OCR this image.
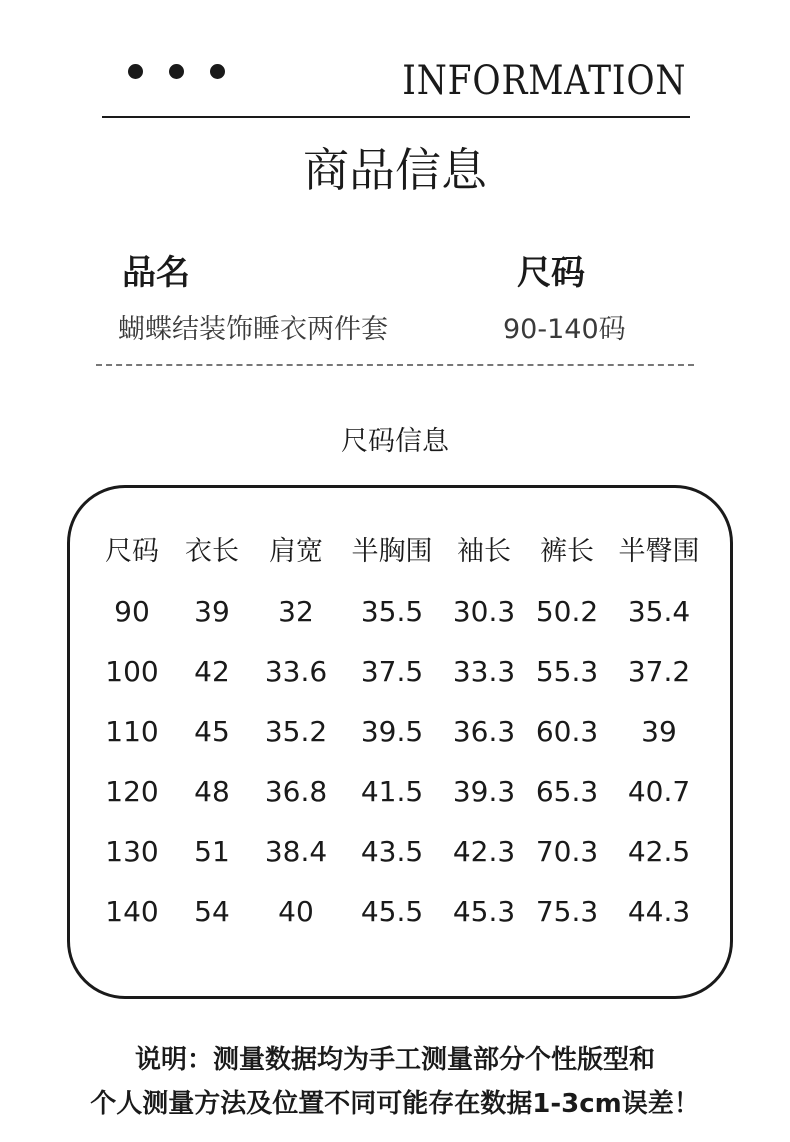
INFORMATION
商品信息
品名
蝴蝶结装饰睡衣两件套
尺码
90-140码
尺码信息
尺码 衣长	肩宽	半胸围 袖长	裤长 半臀围
90	39	32	35.5	30.3 50.2	35.4
100	42	33.6	37.5	33.3 55.3	37.2
110	45	35.2	39.5	36.3 60.3	39
120	48	36.8	41.5	39.3 65.3	40.7
130	51	38.4	43.5	42.3 70.3	42.5
140	54	40	45.5	45.3 75.3	44.3
说明：测量数据均为手工测量部分个性版型和
个人测量方法及位置不同可能存在数据1-3cm误差！
